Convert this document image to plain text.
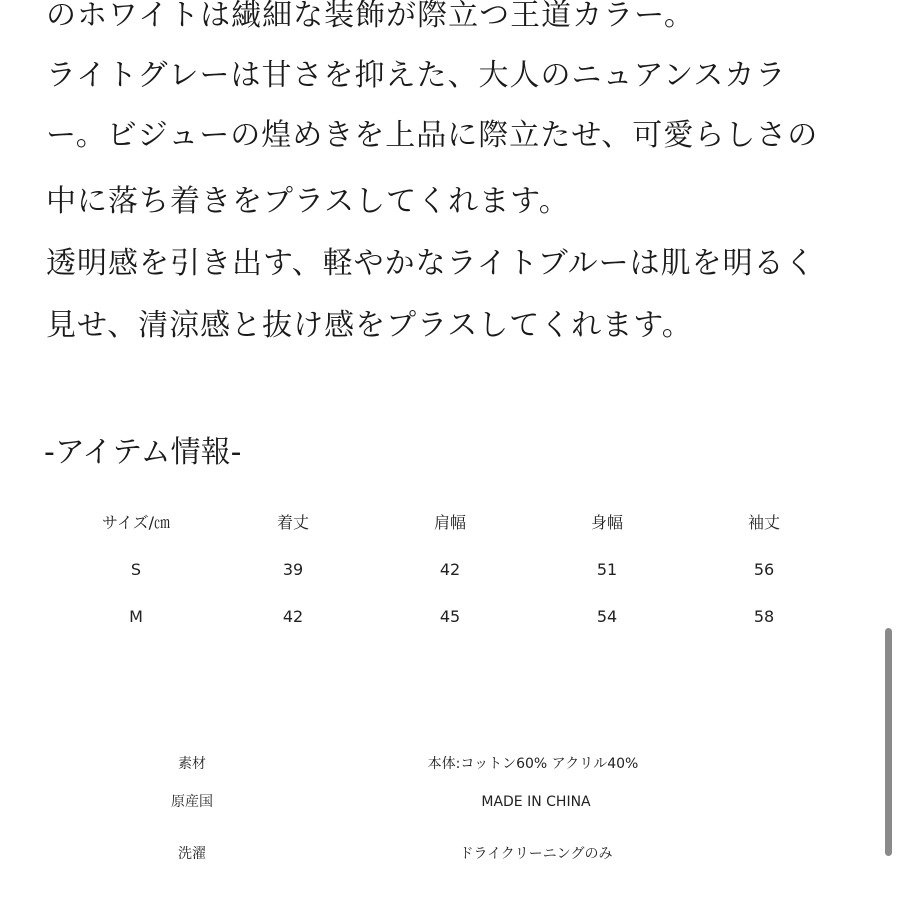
のホワイトは繊細な装飾が際立つ王道カラー。
ライトグレーは甘さを抑えた、大人のニュアンスカラ
ー。ビジューの煌めきを上品に際立たせ、可愛らしさの
中に落ち着きをプラスしてくれます。
透明感を引き出す、軽やかなライトブルーは肌を明るく
見せ、清涼感と抜け感をプラスしてくれます。
-アイテム情報-
サイズ/㎝	着丈	肩幅	身幅	袖丈
S	39	42	51	56
M	42	45	54	58
素材	本体:コットン60% アクリル40%
原産国	MADE IN CHINA
洗濯	ドライクリーニングのみ
